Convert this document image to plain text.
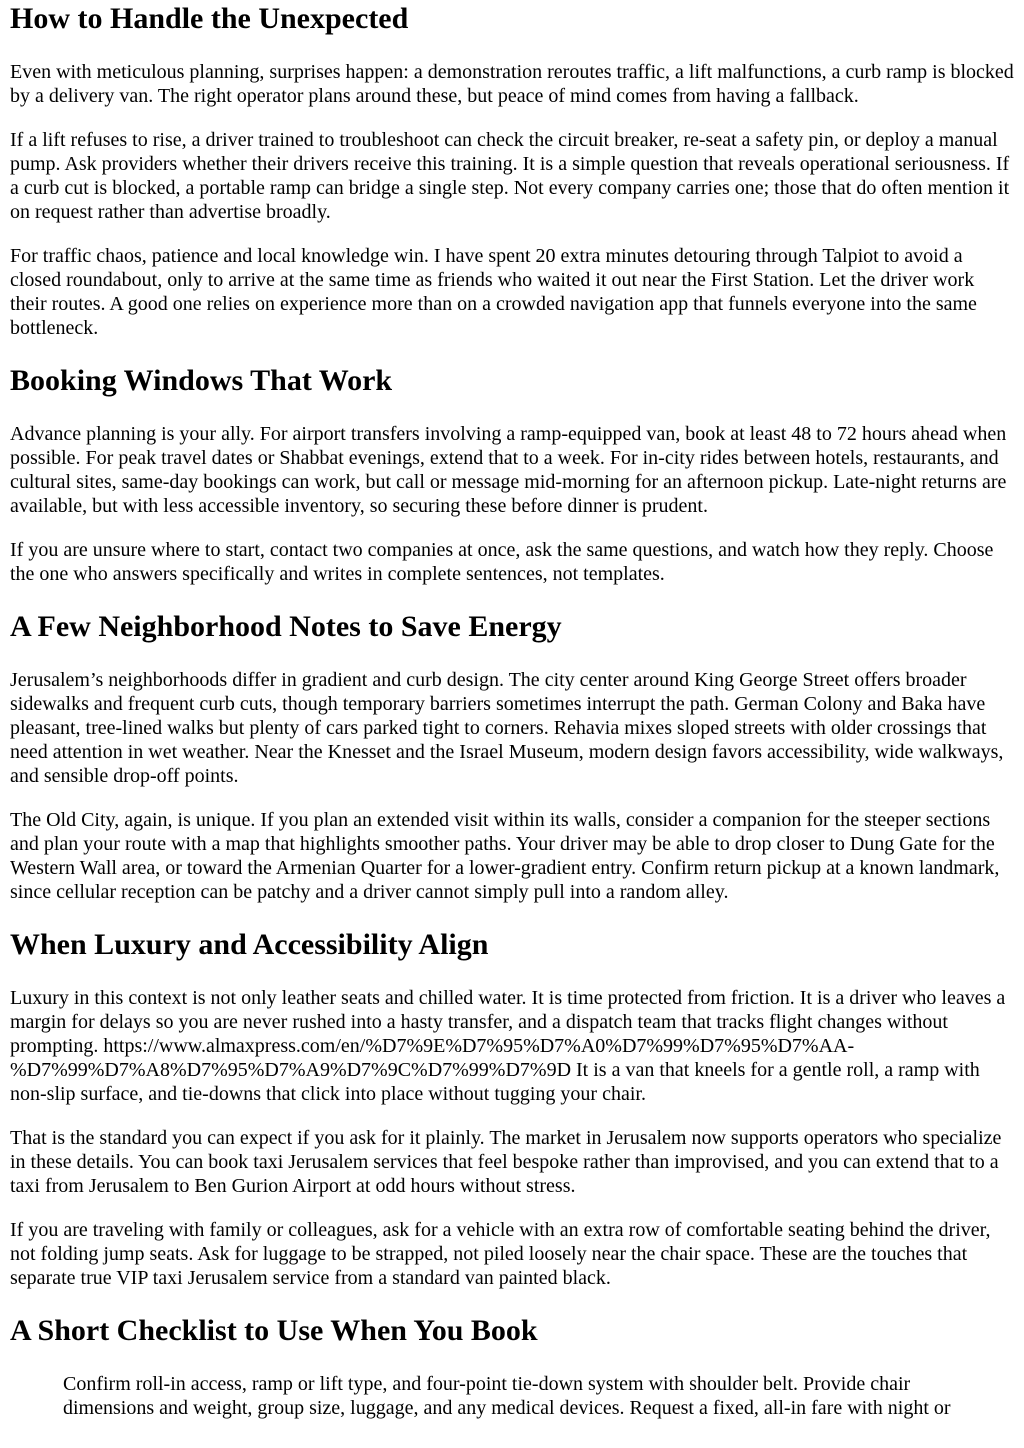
How to Handle the Unexpected

Even with meticulous planning, surprises happen: a demonstration reroutes traffic, a lift malfunctions, a curb ramp is blocked by a delivery van. The right operator plans around these, but peace of mind comes from having a fallback.

If a lift refuses to rise, a driver trained to troubleshoot can check the circuit breaker, re-seat a safety pin, or deploy a manual pump. Ask providers whether their drivers receive this training. It is a simple question that reveals operational seriousness. If a curb cut is blocked, a portable ramp can bridge a single step. Not every company carries one; those that do often mention it on request rather than advertise broadly.

For traffic chaos, patience and local knowledge win. I have spent 20 extra minutes detouring through Talpiot to avoid a closed roundabout, only to arrive at the same time as friends who waited it out near the First Station. Let the driver work their routes. A good one relies on experience more than on a crowded navigation app that funnels everyone into the same bottleneck.

Booking Windows That Work

Advance planning is your ally. For airport transfers involving a ramp-equipped van, book at least 48 to 72 hours ahead when possible. For peak travel dates or Shabbat evenings, extend that to a week. For in-city rides between hotels, restaurants, and cultural sites, same-day bookings can work, but call or message mid-morning for an afternoon pickup. Late-night returns are available, but with less accessible inventory, so securing these before dinner is prudent.

If you are unsure where to start, contact two companies at once, ask the same questions, and watch how they reply. Choose the one who answers specifically and writes in complete sentences, not templates.

A Few Neighborhood Notes to Save Energy

Jerusalem’s neighborhoods differ in gradient and curb design. The city center around King George Street offers broader sidewalks and frequent curb cuts, though temporary barriers sometimes interrupt the path. German Colony and Baka have pleasant, tree-lined walks but plenty of cars parked tight to corners. Rehavia mixes sloped streets with older crossings that need attention in wet weather. Near the Knesset and the Israel Museum, modern design favors accessibility, wide walkways, and sensible drop-off points.

The Old City, again, is unique. If you plan an extended visit within its walls, consider a companion for the steeper sections and plan your route with a map that highlights smoother paths. Your driver may be able to drop closer to Dung Gate for the Western Wall area, or toward the Armenian Quarter for a lower-gradient entry. Confirm return pickup at a known landmark, since cellular reception can be patchy and a driver cannot simply pull into a random alley.

When Luxury and Accessibility Align

Luxury in this context is not only leather seats and chilled water. It is time protected from friction. It is a driver who leaves a margin for delays so you are never rushed into a hasty transfer, and a dispatch team that tracks flight changes without prompting. https://www.almaxpress.com/en/%D7%9E%D7%95%D7%A0%D7%99%D7%95%D7%AA-%D7%99%D7%A8%D7%95%D7%A9%D7%9C%D7%99%D7%9D It is a van that kneels for a gentle roll, a ramp with non-slip surface, and tie-downs that click into place without tugging your chair.

That is the standard you can expect if you ask for it plainly. The market in Jerusalem now supports operators who specialize in these details. You can book taxi Jerusalem services that feel bespoke rather than improvised, and you can extend that to a taxi from Jerusalem to Ben Gurion Airport at odd hours without stress.

If you are traveling with family or colleagues, ask for a vehicle with an extra row of comfortable seating behind the driver, not folding jump seats. Ask for luggage to be strapped, not piled loosely near the chair space. These are the touches that separate true VIP taxi Jerusalem service from a standard van painted black.

A Short Checklist to Use When You Book

Confirm roll-in access, ramp or lift type, and four-point tie-down system with shoulder belt. Provide chair dimensions and weight, group size, luggage, and any medical devices. Request a fixed, all-in fare with night or
